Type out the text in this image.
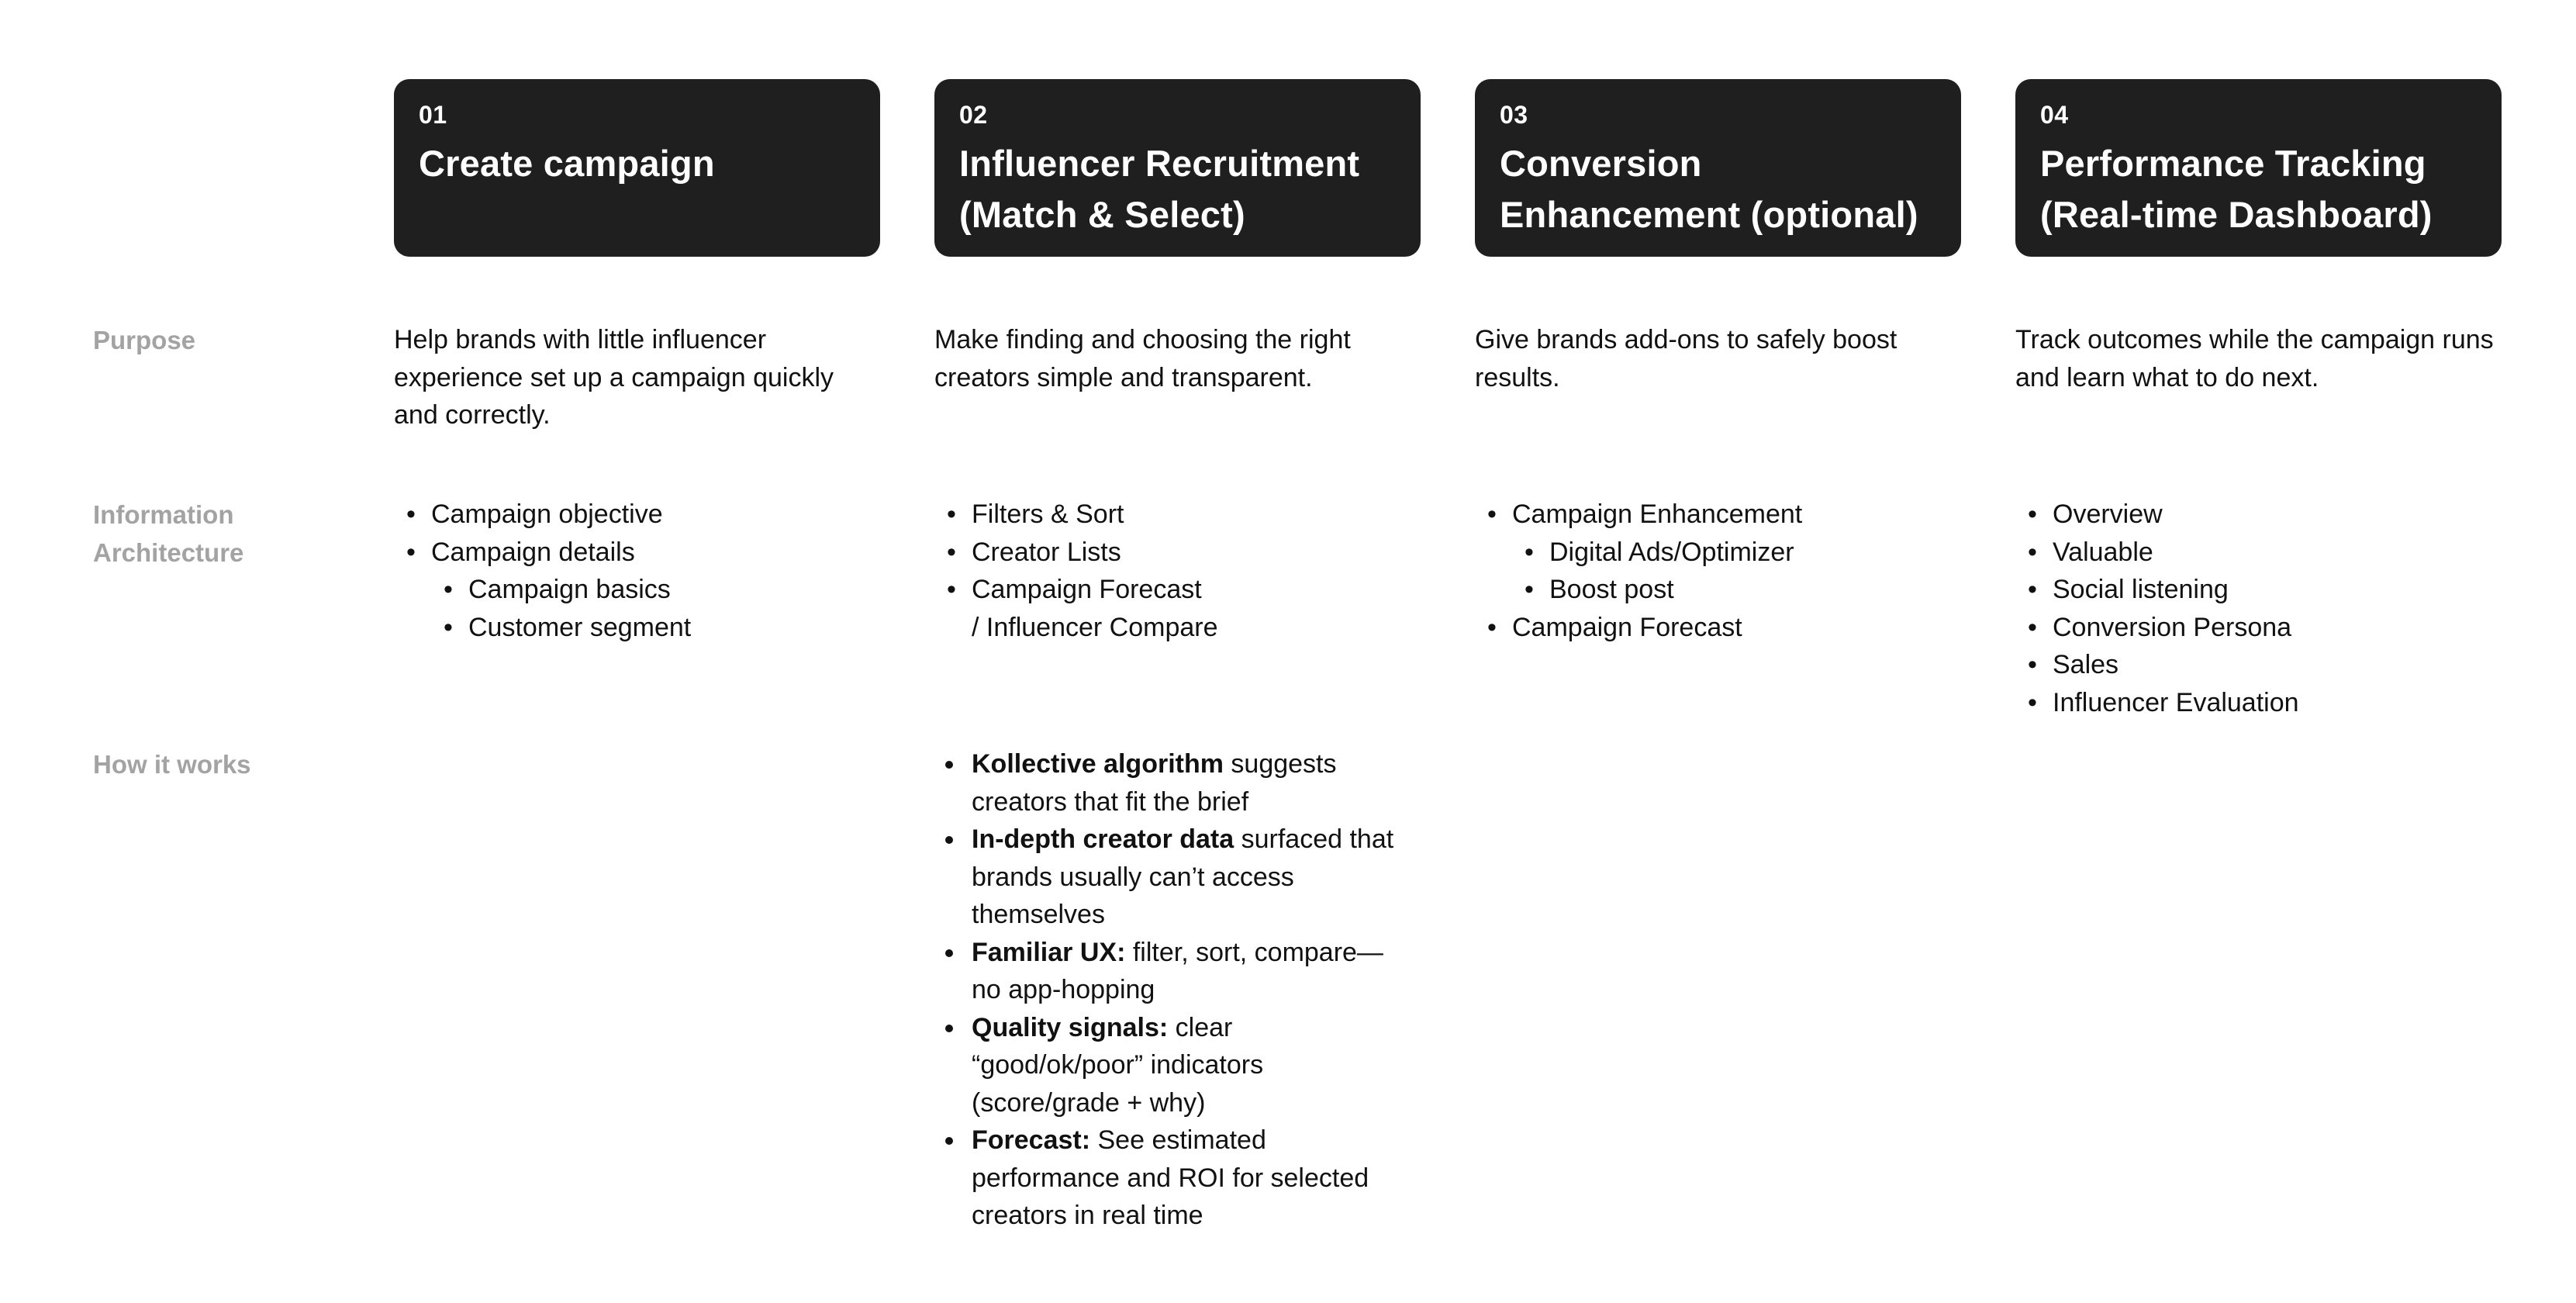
01
Create campaign
02
Influencer Recruitment (Match & Select)
03
Conversion Enhancement (optional)
04
Performance Tracking (Real-time Dashboard)
Purpose
Information
Architecture
How it works
Help brands with little influencer experience set up a campaign quickly and correctly.
Make finding and choosing the right creators simple and transparent.
Give brands add-ons to safely boost results.
Track outcomes while the campaign runs and learn what to do next.
• Campaign objective
• Campaign details
• Campaign basics
• Customer segment
• Filters & Sort
• Creator Lists
• Campaign Forecast
/ Influencer Compare
• Campaign Enhancement
• Digital Ads/Optimizer
• Boost post
• Campaign Forecast
• Overview
• Valuable
• Social listening
• Conversion Persona
• Sales
• Influencer Evaluation
Kollective algorithm suggests creators that fit the brief
In-depth creator data surfaced that brands usually can’t access themselves
Familiar UX: filter, sort, compare—no app-hopping
Quality signals: clear “good/ok/poor” indicators (score/grade + why)
Forecast: See estimated performance and ROI for selected creators in real time
